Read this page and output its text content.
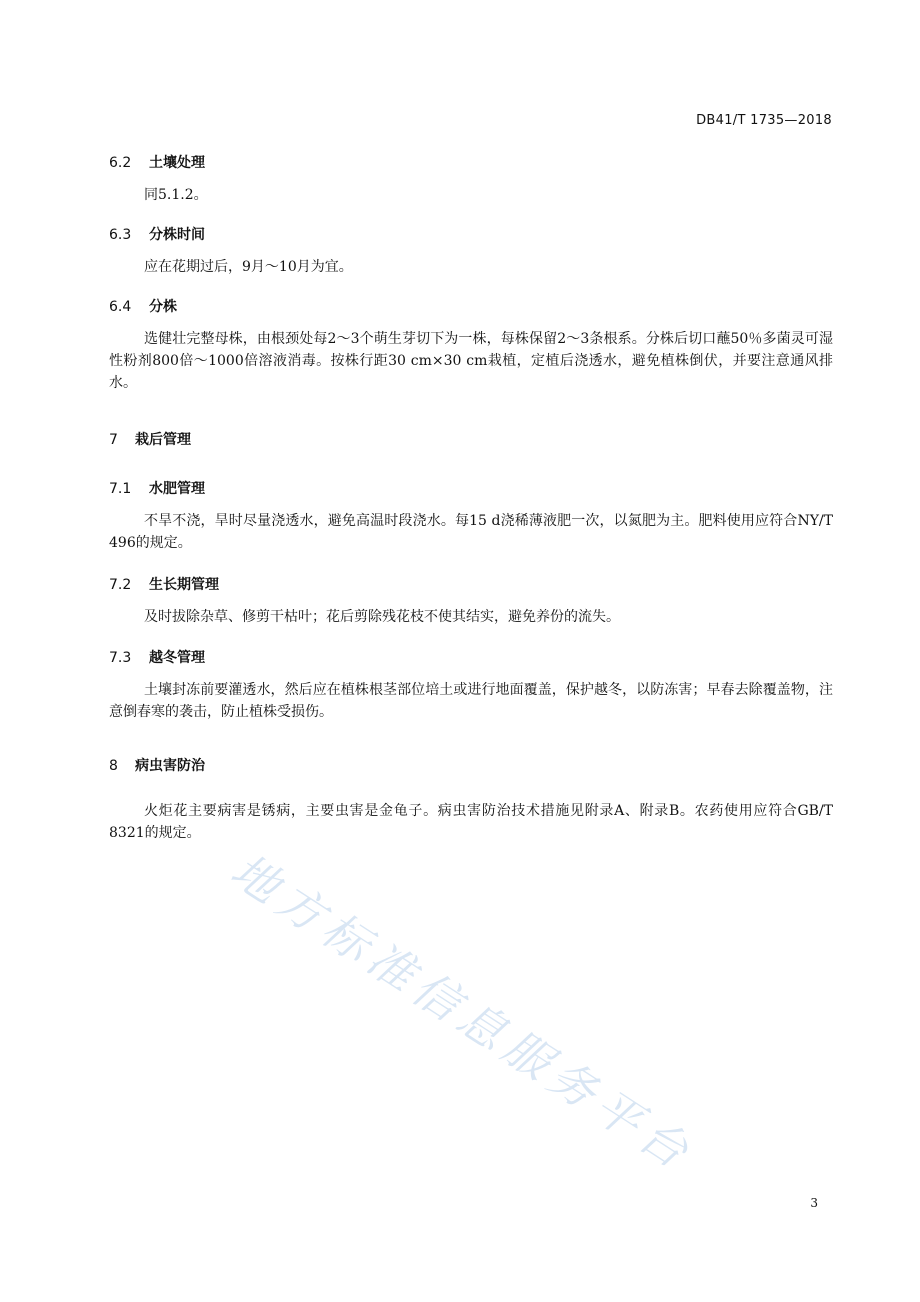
DB41/T 1735—2018
6.2 土壤处理

同5.1.2。

6.3 分株时间

应在花期过后，9月～10月为宜。

6.4 分株

选健壮完整母株，由根颈处每2～3个萌生芽切下为一株，每株保留2～3条根系。分株后切口蘸50％多菌灵可湿性粉剂800倍～1000倍溶液消毒。按株行距30 cm×30 cm栽植，定植后浇透水，避免植株倒伏，并要注意通风排水。

7 栽后管理
7.1 水肥管理

不旱不浇，旱时尽量浇透水，避免高温时段浇水。每15 d浇稀薄液肥一次，以氮肥为主。肥料使用应符合NY/T 496的规定。

7.2 生长期管理

及时拔除杂草、修剪干枯叶；花后剪除残花枝不使其结实，避免养份的流失。

7.3 越冬管理

土壤封冻前要灌透水，然后应在植株根茎部位培土或进行地面覆盖，保护越冬，以防冻害；早春去除覆盖物，注意倒春寒的袭击，防止植株受损伤。

8 病虫害防治

火炬花主要病害是锈病，主要虫害是金龟子。病虫害防治技术措施见附录A、附录B。农药使用应符合GB/T 8321的规定。

地方标准信息服务平台
3
